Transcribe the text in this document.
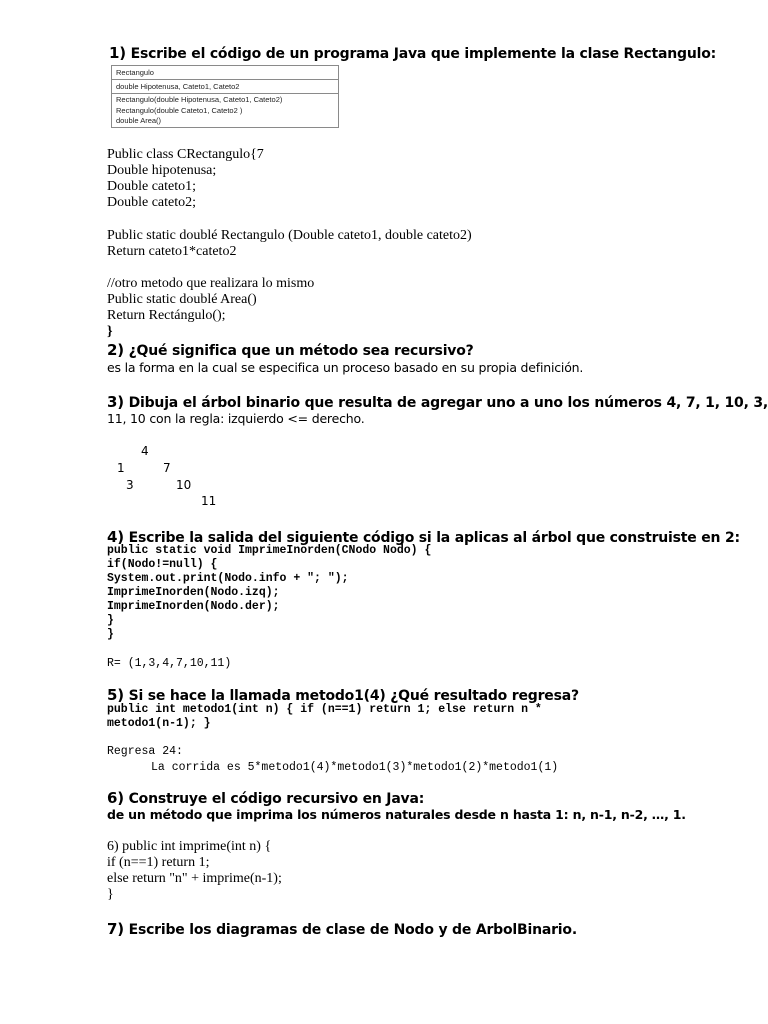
1) Escribe el código de un programa Java que implemente la clase Rectangulo:
Rectangulo
double Hipotenusa, Cateto1, Cateto2
Rectangulo(double Hipotenusa, Cateto1, Cateto2)
Rectangulo(double Cateto1, Cateto2 )
double Area()
Public class CRectangulo{7
Double hipotenusa;
Double cateto1;
Double cateto2;
Public static doublé Rectangulo (Double cateto1, double cateto2)
Return cateto1*cateto2
//otro metodo que realizara lo mismo
Public static doublé Area()
Return Rectángulo();
}
2) ¿Qué significa que un método sea recursivo?
es la forma en la cual se especifica un proceso basado en su propia definición.
3) Dibuja el árbol binario que resulta de agregar uno a uno los números 4, 7, 1, 10, 3,
11, 10 con la regla: izquierdo <= derecho.
4
1	7
3	10
11
4) Escribe la salida del siguiente código si la aplicas al árbol que construiste en 2:
public static void ImprimeInorden(CNodo Nodo) {
if(Nodo!=null) {
System.out.print(Nodo.info + "; ");
ImprimeInorden(Nodo.izq);
ImprimeInorden(Nodo.der);
}
}
R= (1,3,4,7,10,11)
5) Si se hace la llamada metodo1(4) ¿Qué resultado regresa?
public int metodo1(int n) { if (n==1) return 1; else return n *
metodo1(n-1); }
Regresa 24:
La corrida es 5*metodo1(4)*metodo1(3)*metodo1(2)*metodo1(1)
6) Construye el código recursivo en Java:
de un método que imprima los números naturales desde n hasta 1: n, n-1, n-2, …, 1.
6) public int imprime(int n) {
if (n==1) return 1;
else return "n" + imprime(n-1);
}
7) Escribe los diagramas de clase de Nodo y de ArbolBinario.
